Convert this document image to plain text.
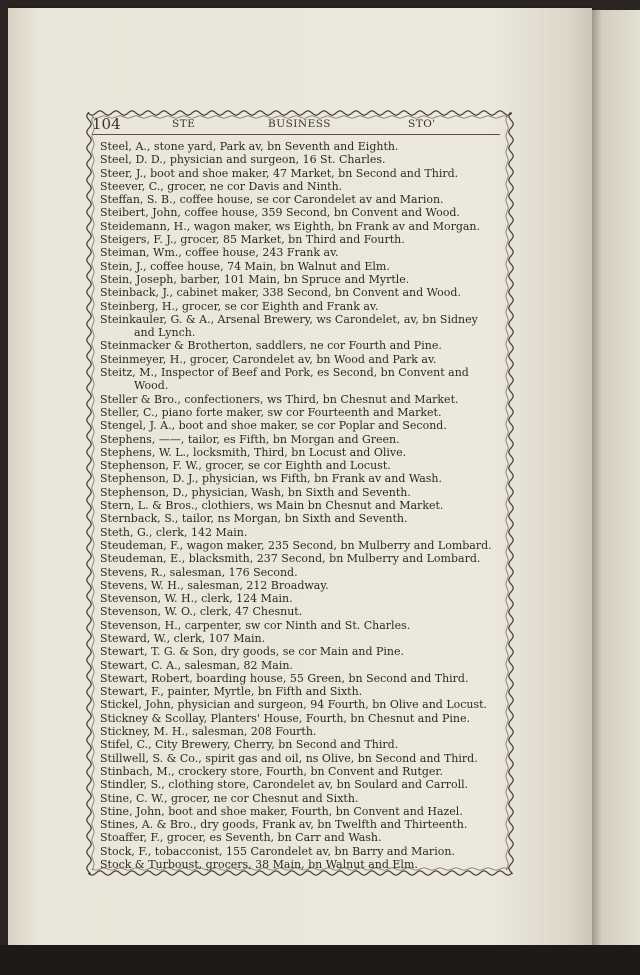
104	STE	BUSINESS	STO'
Steel, A., stone yard, Park av, bn Seventh and Eighth.
Steel, D. D., physician and surgeon, 16 St. Charles.
Steer, J., boot and shoe maker, 47 Market, bn Second and Third.
Steever, C., grocer, ne cor Davis and Ninth.
Steffan, S. B., coffee house, se cor Carondelet av and Marion.
Steibert, John, coffee house, 359 Second, bn Convent and Wood.
Steidemann, H., wagon maker, ws Eighth, bn Frank av and Morgan.
Steigers, F. J., grocer, 85 Market, bn Third and Fourth.
Steiman, Wm., coffee house, 243 Frank av.
Stein, J., coffee house, 74 Main, bn Walnut and Elm.
Stein, Joseph, barber, 101 Main, bn Spruce and Myrtle.
Steinback, J., cabinet maker, 338 Second, bn Convent and Wood.
Steinberg, H., grocer, se cor Eighth and Frank av.
Steinkauler, G. & A., Arsenal Brewery, ws Carondelet, av, bn Sidney
and Lynch.
Steinmacker & Brotherton, saddlers, ne cor Fourth and Pine.
Steinmeyer, H., grocer, Carondelet av, bn Wood and Park av.
Steitz, M., Inspector of Beef and Pork, es Second, bn Convent and
Wood.
Steller & Bro., confectioners, ws Third, bn Chesnut and Market.
Steller, C., piano forte maker, sw cor Fourteenth and Market.
Stengel, J. A., boot and shoe maker, se cor Poplar and Second.
Stephens, ——, tailor, es Fifth, bn Morgan and Green.
Stephens, W. L., locksmith, Third, bn Locust and Olive.
Stephenson, F. W., grocer, se cor Eighth and Locust.
Stephenson, D. J., physician, ws Fifth, bn Frank av and Wash.
Stephenson, D., physician, Wash, bn Sixth and Seventh.
Stern, L. & Bros., clothiers, ws Main bn Chesnut and Market.
Sternback, S., tailor, ns Morgan, bn Sixth and Seventh.
Steth, G., clerk, 142 Main.
Steudeman, F., wagon maker, 235 Second, bn Mulberry and Lombard.
Steudeman, E., blacksmith, 237 Second, bn Mulberry and Lombard.
Stevens, R., salesman, 176 Second.
Stevens, W. H., salesman, 212 Broadway.
Stevenson, W. H., clerk, 124 Main.
Stevenson, W. O., clerk, 47 Chesnut.
Stevenson, H., carpenter, sw cor Ninth and St. Charles.
Steward, W., clerk, 107 Main.
Stewart, T. G. & Son, dry goods, se cor Main and Pine.
Stewart, C. A., salesman, 82 Main.
Stewart, Robert, boarding house, 55 Green, bn Second and Third.
Stewart, F., painter, Myrtle, bn Fifth and Sixth.
Stickel, John, physician and surgeon, 94 Fourth, bn Olive and Locust.
Stickney & Scollay, Planters' House, Fourth, bn Chesnut and Pine.
Stickney, M. H., salesman, 208 Fourth.
Stifel, C., City Brewery, Cherry, bn Second and Third.
Stillwell, S. & Co., spirit gas and oil, ns Olive, bn Second and Third.
Stinbach, M., crockery store, Fourth, bn Convent and Rutger.
Stindler, S., clothing store, Carondelet av, bn Soulard and Carroll.
Stine, C. W., grocer, ne cor Chesnut and Sixth.
Stine, John, boot and shoe maker, Fourth, bn Convent and Hazel.
Stines, A. & Bro., dry goods, Frank av, bn Twelfth and Thirteenth.
Stoaffer, F., grocer, es Seventh, bn Carr and Wash.
Stock, F., tobacconist, 155 Carondelet av, bn Barry and Marion.
Stock & Turboust, grocers, 38 Main, bn Walnut and Elm.
